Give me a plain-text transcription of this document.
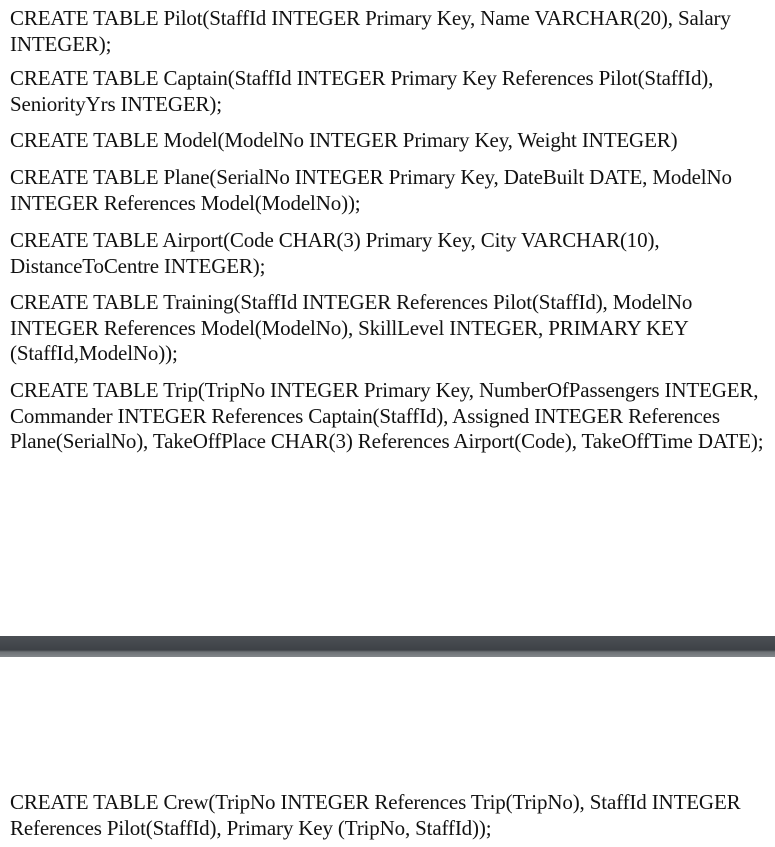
CREATE TABLE Pilot(StaffId INTEGER Primary Key, Name VARCHAR(20), Salary INTEGER);

CREATE TABLE Captain(StaffId INTEGER Primary Key References Pilot(StaffId), SeniorityYrs INTEGER);

CREATE TABLE Model(ModelNo INTEGER Primary Key, Weight INTEGER)

CREATE TABLE Plane(SerialNo INTEGER Primary Key, DateBuilt DATE, ModelNo INTEGER References Model(ModelNo));

CREATE TABLE Airport(Code CHAR(3) Primary Key, City VARCHAR(10), DistanceToCentre INTEGER);

CREATE TABLE Training(StaffId INTEGER References Pilot(StaffId), ModelNo INTEGER References Model(ModelNo), SkillLevel INTEGER, PRIMARY KEY (StaffId,ModelNo));

CREATE TABLE Trip(TripNo INTEGER Primary Key, NumberOfPassengers INTEGER, Commander INTEGER References Captain(StaffId), Assigned INTEGER References Plane(SerialNo), TakeOffPlace CHAR(3) References Airport(Code), TakeOffTime DATE);

CREATE TABLE Crew(TripNo INTEGER References Trip(TripNo), StaffId INTEGER References Pilot(StaffId), Primary Key (TripNo, StaffId));
